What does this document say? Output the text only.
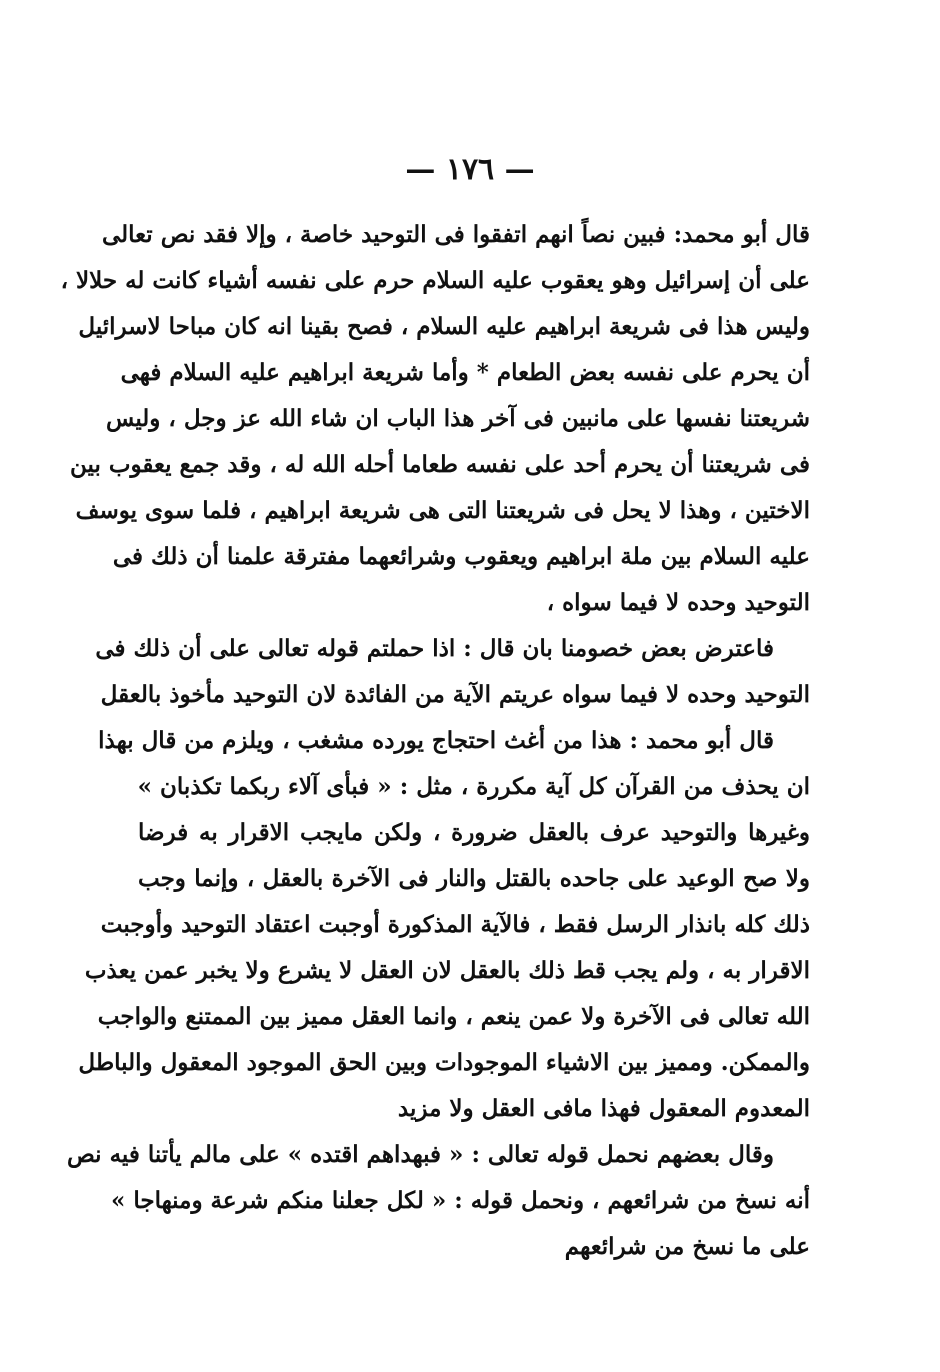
— ١٧٦ —
قال أبو محمد: فبين نصاً انهم اتفقوا فى التوحيد خاصة ، وإلا فقد نص تعالى
على أن إسرائيل وهو يعقوب عليه السلام حرم على نفسه أشياء كانت له حلالا ،
وليس هذا فى شريعة ابراهيم عليه السلام ، فصح بقينا انه كان مباحا لاسرائيل
أن يحرم على نفسه بعض الطعام * وأما شريعة ابراهيم عليه السلام فهى
شريعتنا نفسها على مانبين فى آخر هذا الباب ان شاء الله عز وجل ، وليس
فى شريعتنا أن يحرم أحد على نفسه طعاما أحله الله له ، وقد جمع يعقوب بين
الاختين ، وهذا لا يحل فى شريعتنا التى هى شريعة ابراهيم ، فلما سوى يوسف
عليه السلام بين ملة ابراهيم ويعقوب وشرائعهما مفترقة علمنا أن ذلك فى
التوحيد وحده لا فيما سواه ،
فاعترض بعض خصومنا بان قال : اذا حملتم قوله تعالى على أن ذلك فى
التوحيد وحده لا فيما سواه عريتم الآية من الفائدة لان التوحيد مأخوذ بالعقل
قال أبو محمد : هذا من أغث احتجاج يورده مشغب ، ويلزم من قال بهذا
ان يحذف من القرآن كل آية مكررة ، مثل : « فبأى آلاء ربكما تكذبان »
وغيرها والتوحيد عرف بالعقل ضرورة ، ولكن مايجب الاقرار به فرضا
ولا صح الوعيد على جاحده بالقتل والنار فى الآخرة بالعقل ، وإنما وجب
ذلك كله بانذار الرسل فقط ، فالآية المذكورة أوجبت اعتقاد التوحيد وأوجبت
الاقرار به ، ولم يجب قط ذلك بالعقل لان العقل لا يشرع ولا يخبر عمن يعذب
الله تعالى فى الآخرة ولا عمن ينعم ، وانما العقل مميز بين الممتنع والواجب
والممكن. ومميز بين الاشياء الموجودات وبين الحق الموجود المعقول والباطل
المعدوم المعقول فهذا مافى العقل ولا مزيد
وقال بعضهم نحمل قوله تعالى : « فبهداهم اقتده » على مالم يأتنا فيه نص
أنه نسخ من شرائعهم ، ونحمل قوله : « لكل جعلنا منكم شرعة ومنهاجا »
على ما نسخ من شرائعهم
